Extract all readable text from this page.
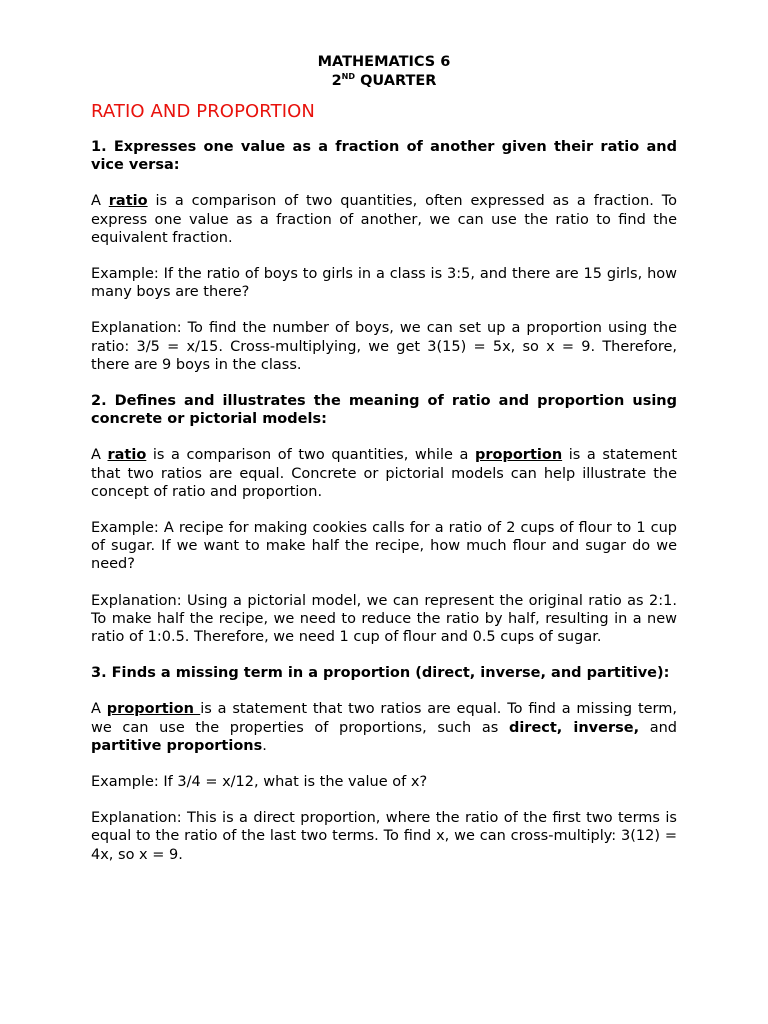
MATHEMATICS 6
2ND QUARTER
RATIO AND PROPORTION
1. Expresses one value as a fraction of another given their ratio and vice versa:

A ratio is a comparison of two quantities, often expressed as a fraction. To express one value as a fraction of another, we can use the ratio to find the equivalent fraction.

Example: If the ratio of boys to girls in a class is 3:5, and there are 15 girls, how many boys are there?

Explanation: To find the number of boys, we can set up a proportion using the ratio: 3/5 = x/15. Cross-multiplying, we get 3(15) = 5x, so x = 9. Therefore, there are 9 boys in the class.

2. Defines and illustrates the meaning of ratio and proportion using concrete or pictorial models:

A ratio is a comparison of two quantities, while a proportion is a statement that two ratios are equal. Concrete or pictorial models can help illustrate the concept of ratio and proportion.

Example: A recipe for making cookies calls for a ratio of 2 cups of flour to 1 cup of sugar. If we want to make half the recipe, how much flour and sugar do we need?

Explanation: Using a pictorial model, we can represent the original ratio as 2:1. To make half the recipe, we need to reduce the ratio by half, resulting in a new ratio of 1:0.5. Therefore, we need 1 cup of flour and 0.5 cups of sugar.

3. Finds a missing term in a proportion (direct, inverse, and partitive):

A proportion is a statement that two ratios are equal. To find a missing term, we can use the properties of proportions, such as direct, inverse, and partitive proportions.

Example: If 3/4 = x/12, what is the value of x?

Explanation: This is a direct proportion, where the ratio of the first two terms is equal to the ratio of the last two terms. To find x, we can cross-multiply: 3(12) = 4x, so x = 9.
